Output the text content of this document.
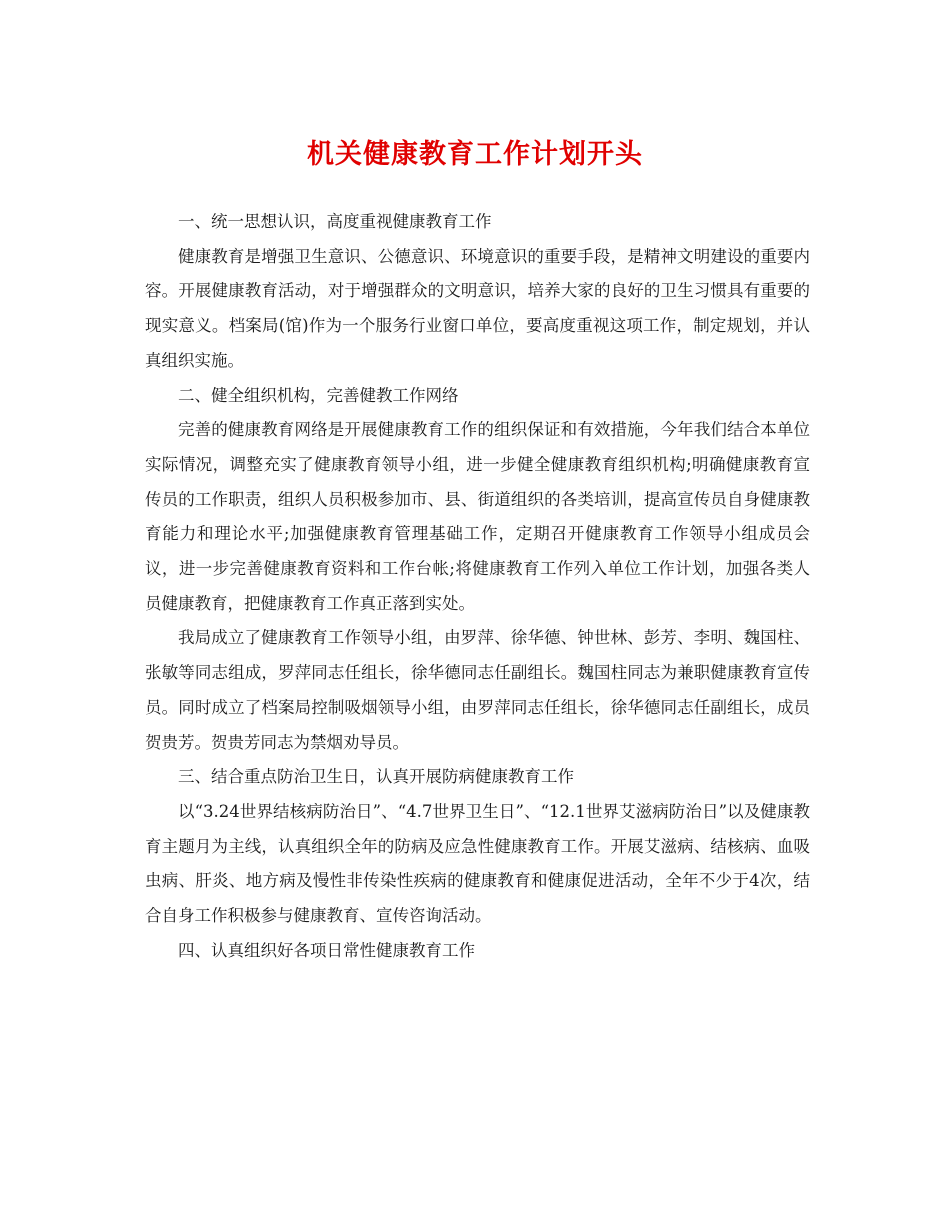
机关健康教育工作计划开头

一、统一思想认识，高度重视健康教育工作

健康教育是增强卫生意识、公德意识、环境意识的重要手段，是精神文明建设的重要内容。开展健康教育活动，对于增强群众的文明意识，培养大家的良好的卫生习惯具有重要的现实意义。档案局(馆)作为一个服务行业窗口单位，要高度重视这项工作，制定规划，并认真组织实施。

二、健全组织机构，完善健教工作网络

完善的健康教育网络是开展健康教育工作的组织保证和有效措施，今年我们结合本单位实际情况，调整充实了健康教育领导小组，进一步健全健康教育组织机构;明确健康教育宣传员的工作职责，组织人员积极参加市、县、街道组织的各类培训，提高宣传员自身健康教育能力和理论水平;加强健康教育管理基础工作，定期召开健康教育工作领导小组成员会议，进一步完善健康教育资料和工作台帐;将健康教育工作列入单位工作计划，加强各类人员健康教育，把健康教育工作真正落到实处。

我局成立了健康教育工作领导小组，由罗萍、徐华德、钟世林、彭芳、李明、魏国柱、张敏等同志组成，罗萍同志任组长，徐华德同志任副组长。魏国柱同志为兼职健康教育宣传员。同时成立了档案局控制吸烟领导小组，由罗萍同志任组长，徐华德同志任副组长，成员贺贵芳。贺贵芳同志为禁烟劝导员。

三、结合重点防治卫生日，认真开展防病健康教育工作

以“3.24世界结核病防治日”、“4.7世界卫生日”、“12.1世界艾滋病防治日”以及健康教育主题月为主线，认真组织全年的防病及应急性健康教育工作。开展艾滋病、结核病、血吸虫病、肝炎、地方病及慢性非传染性疾病的健康教育和健康促进活动，全年不少于4次，结合自身工作积极参与健康教育、宣传咨询活动。

四、认真组织好各项日常性健康教育工作
